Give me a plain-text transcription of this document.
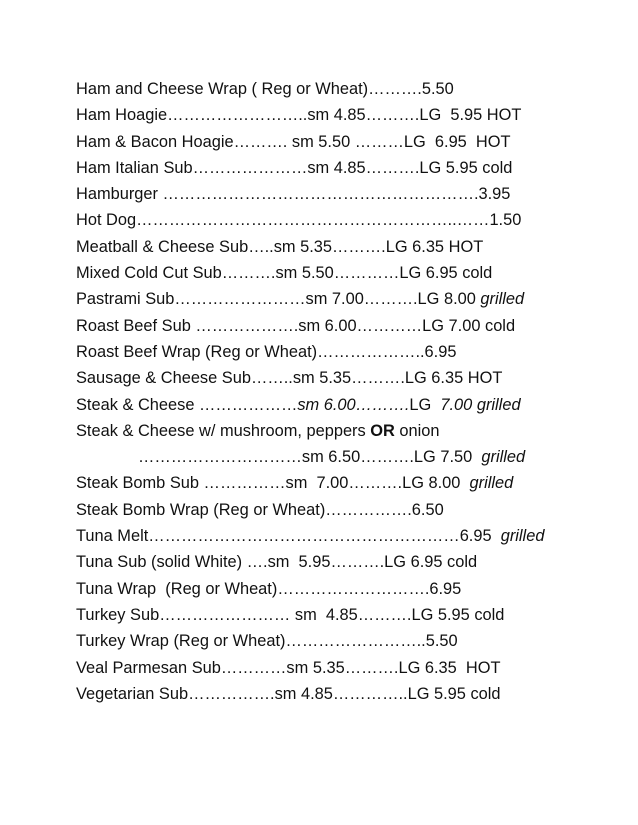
Ham and Cheese Wrap ( Reg or Wheat)……….5.50
Ham Hoagie……………………..sm 4.85……….LG  5.95 HOT
Ham & Bacon Hoagie………. sm 5.50 ………LG  6.95  HOT
Ham Italian Sub…………………sm 4.85……….LG 5.95 cold
Hamburger ………………………………………………….3.95
Hot Dog…………………………………………………..……1.50
Meatball & Cheese Sub…..sm 5.35……….LG 6.35 HOT
Mixed Cold Cut Sub……….sm 5.50…………LG 6.95 cold
Pastrami Sub……………………sm 7.00……….LG 8.00 grilled
Roast Beef Sub ……………….sm 6.00…………LG 7.00 cold
Roast Beef Wrap (Reg or Wheat)………………..6.95
Sausage & Cheese Sub……..sm 5.35……….LG 6.35 HOT
Steak & Cheese ………………sm 6.00……….LG  7.00 grilled
Steak & Cheese w/ mushroom, peppers OR onion
…………………………sm 6.50……….LG 7.50  grilled
Steak Bomb Sub ……………sm  7.00……….LG 8.00  grilled
Steak Bomb Wrap (Reg or Wheat)…………….6.50
Tuna Melt…………………………………………………6.95  grilled
Tuna Sub (solid White) ….sm  5.95……….LG 6.95 cold
Tuna Wrap  (Reg or Wheat)……………………….6.95
Turkey Sub…………………… sm  4.85……….LG 5.95 cold
Turkey Wrap (Reg or Wheat)……………………..5.50
Veal Parmesan Sub…………sm 5.35……….LG 6.35  HOT
Vegetarian Sub…………….sm 4.85…………..LG 5.95 cold
